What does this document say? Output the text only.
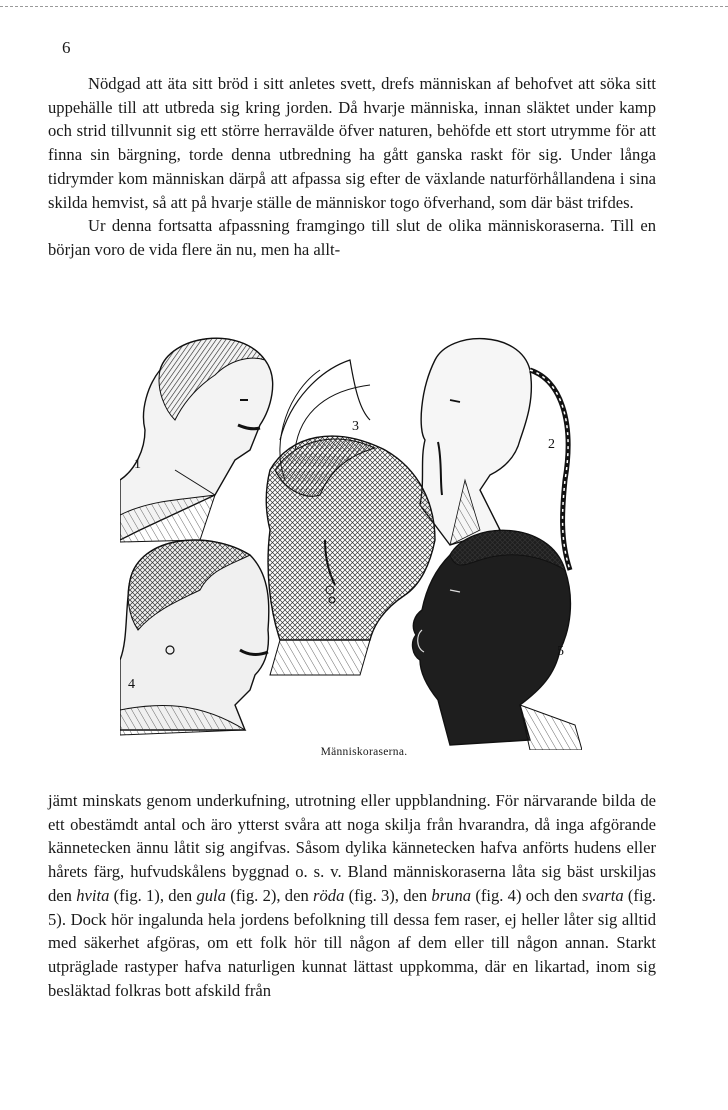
6

Nödgad att äta sitt bröd i sitt anletes svett, drefs människan af behofvet att söka sitt uppehälle till att utbreda sig kring jorden. Då hvarje människa, innan släktet under kamp och strid tillvunnit sig ett större herravälde öfver naturen, behöfde ett stort utrymme för att finna sin bärgning, torde denna utbredning ha gått ganska raskt för sig. Under långa tidrymder kom människan därpå att afpassa sig efter de växlande naturförhållandena i sina skilda hemvist, så att på hvarje ställe de människor togo öfverhand, som där bäst trifdes.

Ur denna fortsatta afpassning framgingo till slut de olika människoraserna. Till en början voro de vida flere än nu, men ha allt-

2
3
4
5
1
Människoraserna.

jämt minskats genom underkufning, utrotning eller uppblandning. För närvarande bilda de ett obestämdt antal och äro ytterst svåra att noga skilja från hvarandra, då inga afgörande kännetecken ännu låtit sig angifvas. Såsom dylika kännetecken hafva anförts hudens eller hårets färg, hufvudskålens byggnad o. s. v. Bland människoraserna låta sig bäst urskiljas den hvita (fig. 1), den gula (fig. 2), den röda (fig. 3), den bruna (fig. 4) och den svarta (fig. 5). Dock hör ingalunda hela jordens befolkning till dessa fem raser, ej heller låter sig alltid med säkerhet afgöras, om ett folk hör till någon af dem eller till någon annan. Starkt utpräglade rastyper hafva naturligen kunnat lättast uppkomma, där en likartad, inom sig besläktad folkras bott afskild från
